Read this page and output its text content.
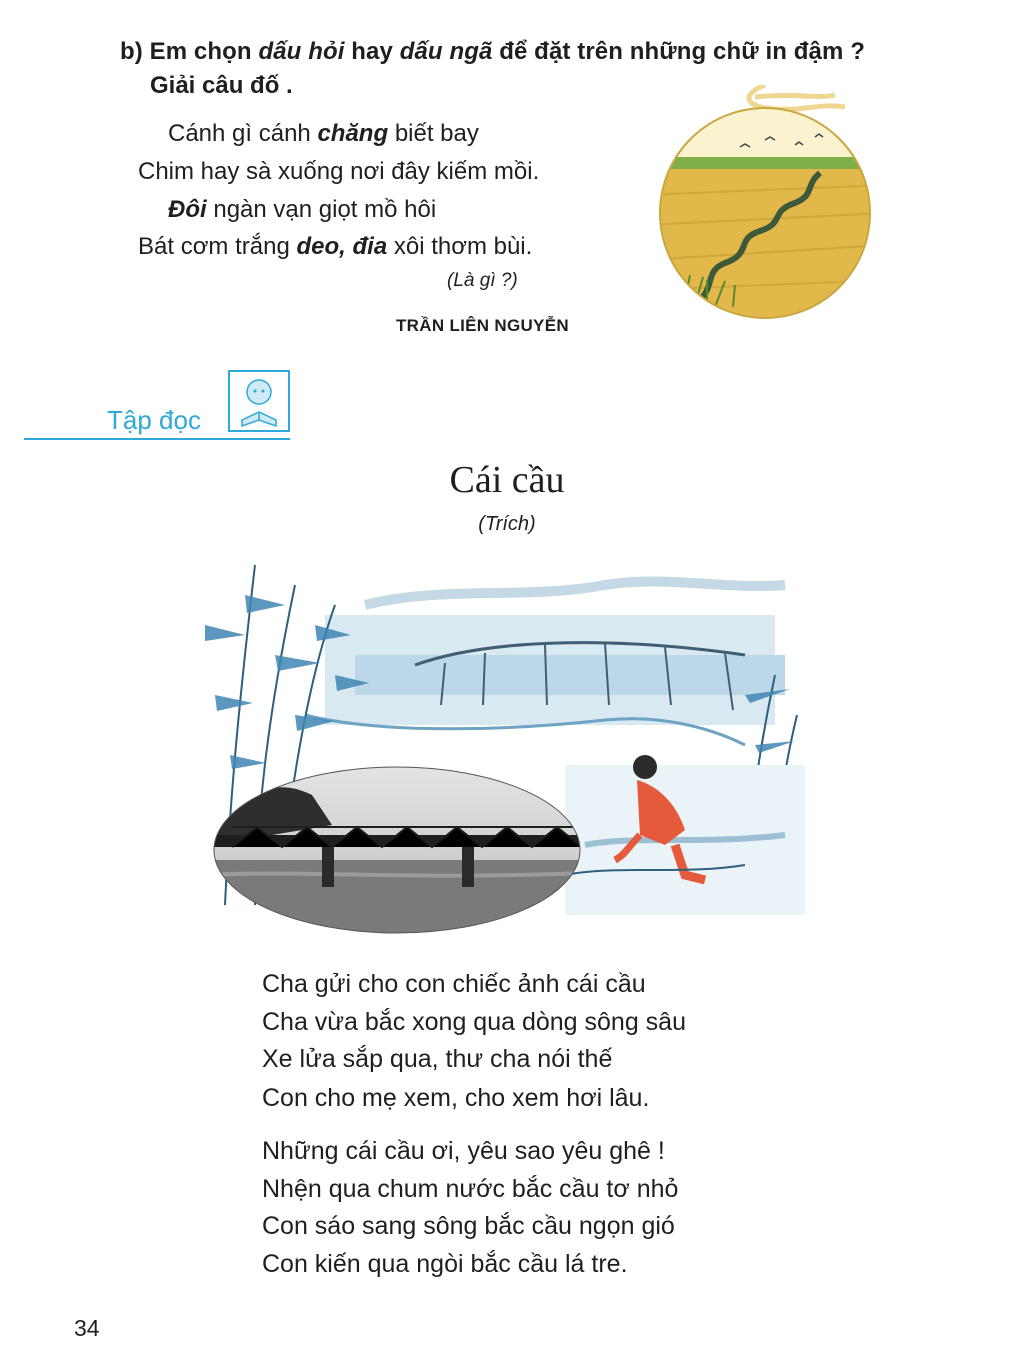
b) Em chọn dấu hỏi hay dấu ngã để đặt trên những chữ in đậm ?
Giải câu đố .
Cánh gì cánh chăng biết bay
Chim hay sà xuống nơi đây kiếm mồi.
Đôi ngàn vạn giọt mồ hôi
Bát cơm trắng deo, đia xôi thơm bùi.
(Là gì ?)
TRẦN LIÊN NGUYỄN
Tập đọc
Cái cầu
(Trích)
Cha gửi cho con chiếc ảnh cái cầu
Cha vừa bắc xong qua dòng sông sâu
Xe lửa sắp qua, thư cha nói thế
Con cho mẹ xem, cho xem hơi lâu.
Những cái cầu ơi, yêu sao yêu ghê !
Nhện qua chum nước bắc cầu tơ nhỏ
Con sáo sang sông bắc cầu ngọn gió
Con kiến qua ngòi bắc cầu lá tre.
34
